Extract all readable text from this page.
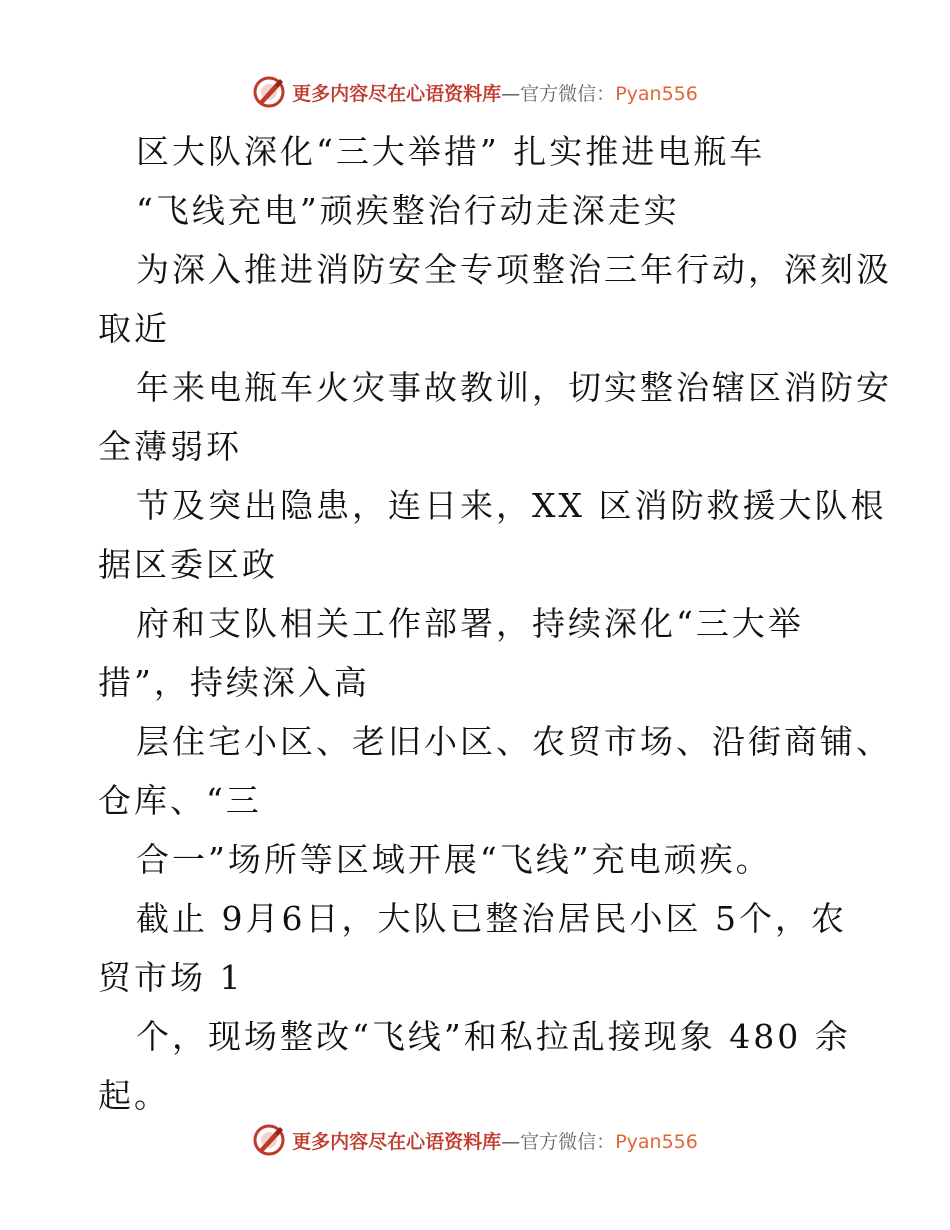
更多内容尽在心语资料库—官方微信：Pyan556
区大队深化“三大举措” 扎实推进电瓶车
“飞线充电”顽疾整治行动走深走实
为深入推进消防安全专项整治三年行动，深刻汲
取近
年来电瓶车火灾事故教训，切实整治辖区消防安
全薄弱环
节及突出隐患，连日来，XX 区消防救援大队根
据区委区政
府和支队相关工作部署，持续深化“三大举
措”，持续深入高
层住宅小区、老旧小区、农贸市场、沿街商铺、
仓库、“三
合一”场所等区域开展“飞线”充电顽疾。
截止 9月6日，大队已整治居民小区 5个，农
贸市场 1
个，现场整改“飞线”和私拉乱接现象 480 余
起。
更多内容尽在心语资料库—官方微信：Pyan556
